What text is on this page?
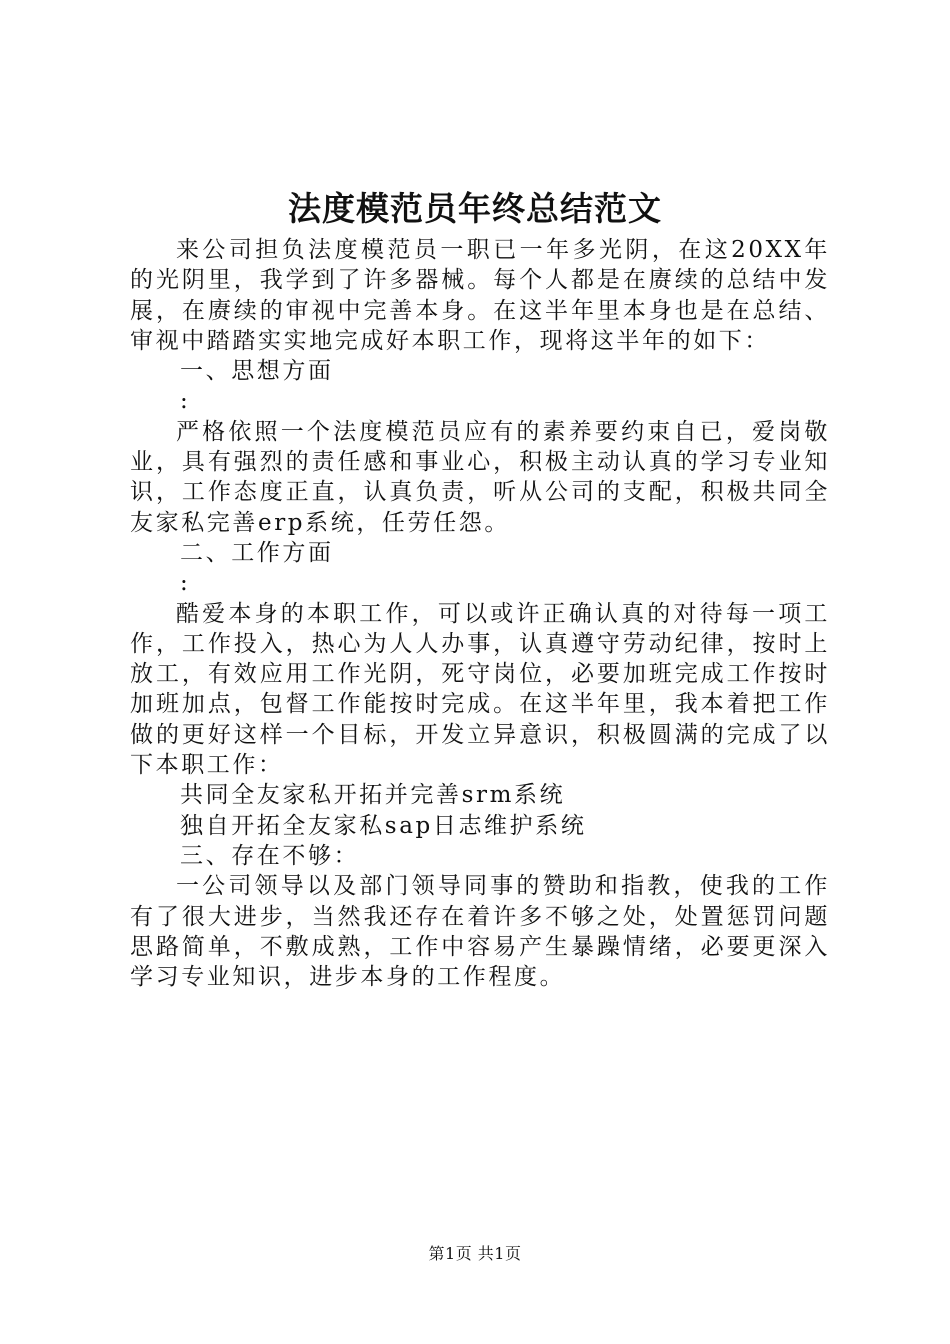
法度模范员年终总结范文

来公司担负法度模范员一职已一年多光阴，在这20XX年的光阴里，我学到了许多器械。每个人都是在赓续的总结中发展，在赓续的审视中完善本身。在这半年里本身也是在总结、审视中踏踏实实地完成好本职工作，现将这半年的如下：

一、思想方面

:

严格依照一个法度模范员应有的素养要约束自已，爱岗敬业，具有强烈的责任感和事业心，积极主动认真的学习专业知识，工作态度正直，认真负责，听从公司的支配，积极共同全友家私完善erp系统，任劳任怨。

二、工作方面

:

酷爱本身的本职工作，可以或许正确认真的对待每一项工作，工作投入，热心为人人办事，认真遵守劳动纪律，按时上放工，有效应用工作光阴，死守岗位，必要加班完成工作按时加班加点，包督工作能按时完成。在这半年里，我本着把工作做的更好这样一个目标，开发立异意识，积极圆满的完成了以下本职工作：

共同全友家私开拓并完善srm系统

独自开拓全友家私sap日志维护系统

三、存在不够：

一公司领导以及部门领导同事的赞助和指教，使我的工作有了很大进步，当然我还存在着许多不够之处，处置惩罚问题思路简单，不敷成熟，工作中容易产生暴躁情绪，必要更深入学习专业知识，进步本身的工作程度。

第1页 共1页
